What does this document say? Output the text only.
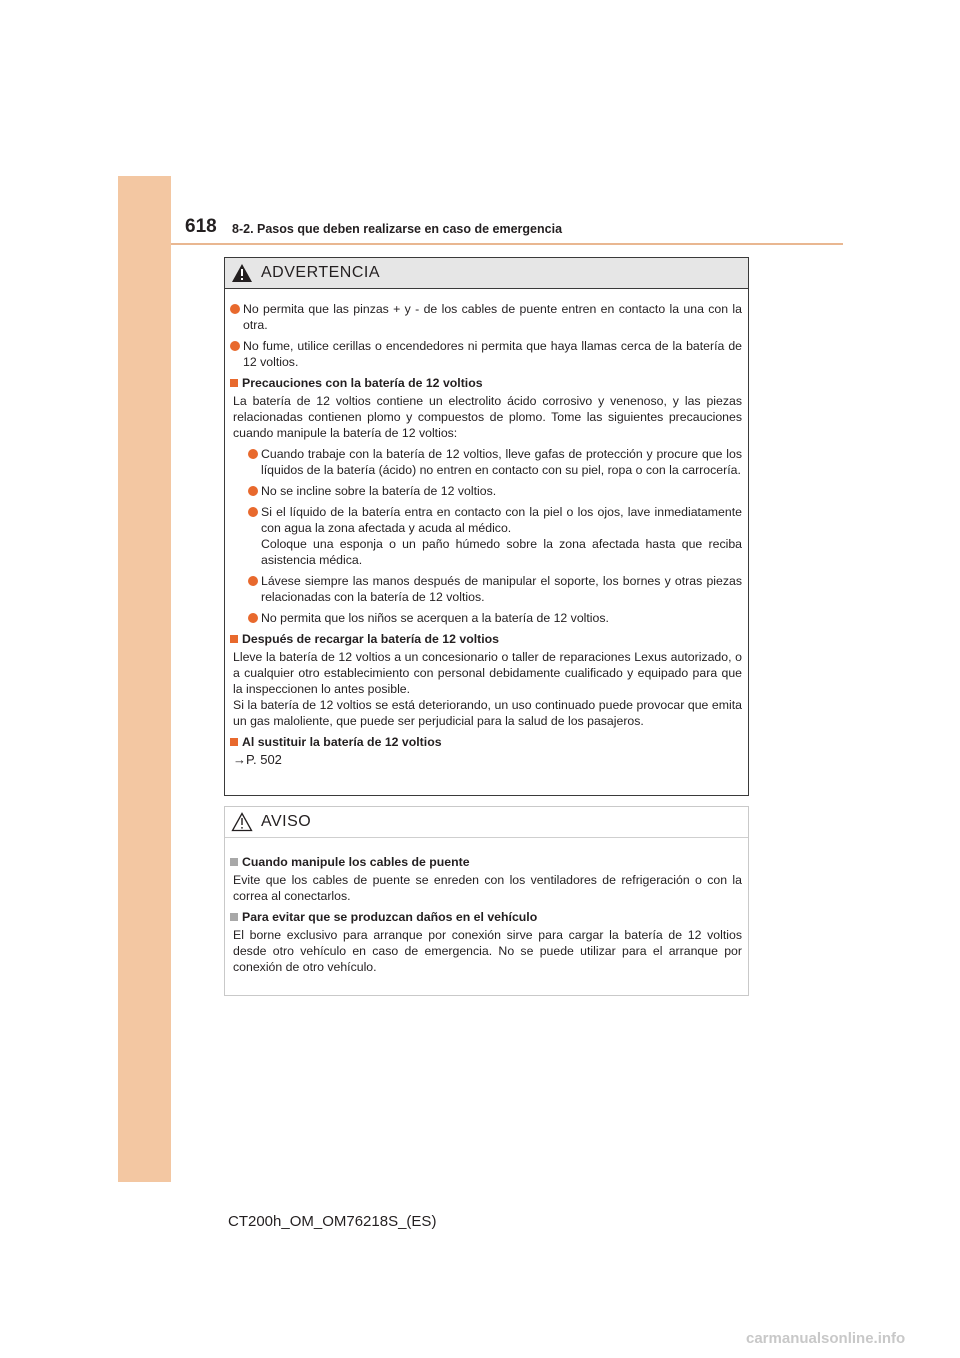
618 8-2. Pasos que deben realizarse en caso de emergencia
ADVERTENCIA
No permita que las pinzas + y - de los cables de puente entren en contacto la una con la otra.
No fume, utilice cerillas o encendedores ni permita que haya llamas cerca de la batería de 12 voltios.
Precauciones con la batería de 12 voltios
La batería de 12 voltios contiene un electrolito ácido corrosivo y venenoso, y las piezas relacionadas contienen plomo y compuestos de plomo. Tome las siguientes precauciones cuando manipule la batería de 12 voltios:
Cuando trabaje con la batería de 12 voltios, lleve gafas de protección y procure que los líquidos de la batería (ácido) no entren en contacto con su piel, ropa o con la carrocería.
No se incline sobre la batería de 12 voltios.
Si el líquido de la batería entra en contacto con la piel o los ojos, lave inmediatamente con agua la zona afectada y acuda al médico.
Coloque una esponja o un paño húmedo sobre la zona afectada hasta que reciba asistencia médica.
Lávese siempre las manos después de manipular el soporte, los bornes y otras piezas relacionadas con la batería de 12 voltios.
No permita que los niños se acerquen a la batería de 12 voltios.
Después de recargar la batería de 12 voltios
Lleve la batería de 12 voltios a un concesionario o taller de reparaciones Lexus autorizado, o a cualquier otro establecimiento con personal debidamente cualificado y equipado para que la inspeccionen lo antes posible.
Si la batería de 12 voltios se está deteriorando, un uso continuado puede provocar que emita un gas maloliente, que puede ser perjudicial para la salud de los pasajeros.
Al sustituir la batería de 12 voltios
→P. 502
AVISO
Cuando manipule los cables de puente
Evite que los cables de puente se enreden con los ventiladores de refrigeración o con la correa al conectarlos.
Para evitar que se produzcan daños en el vehículo
El borne exclusivo para arranque por conexión sirve para cargar la batería de 12 voltios desde otro vehículo en caso de emergencia. No se puede utilizar para el arranque por conexión de otro vehículo.
CT200h_OM_OM76218S_(ES)
carmanualsonline.info
